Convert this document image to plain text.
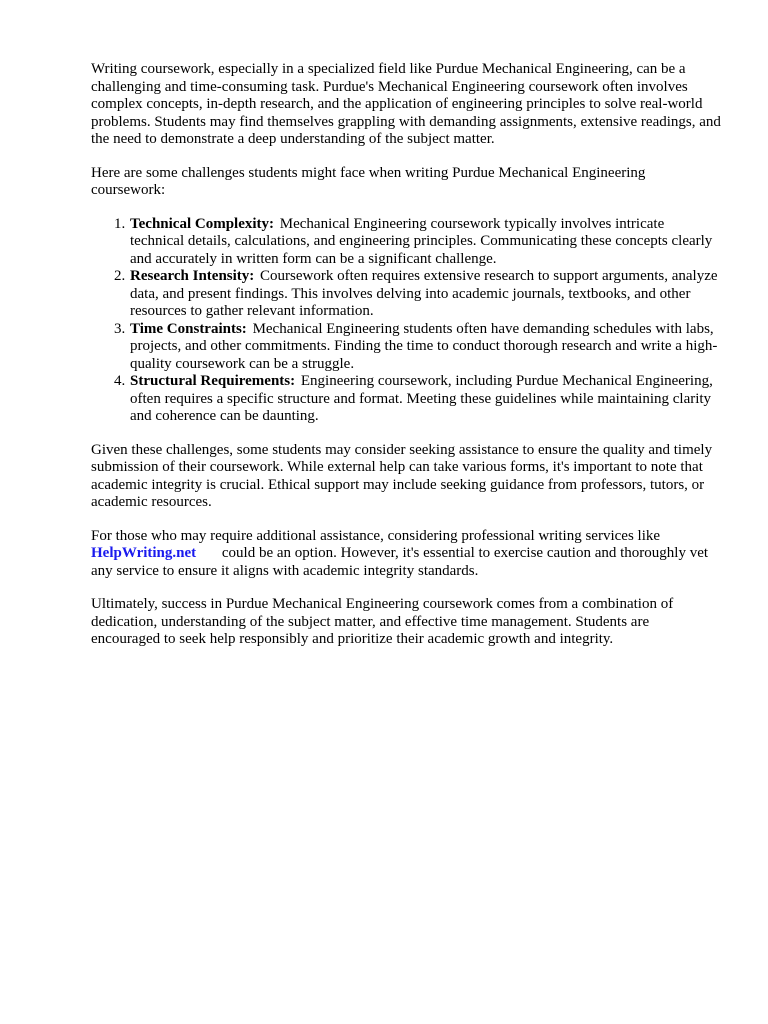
Writing coursework, especially in a specialized field like Purdue Mechanical Engineering, can be a challenging and time-consuming task. Purdue's Mechanical Engineering coursework often involves complex concepts, in-depth research, and the application of engineering principles to solve real-world problems. Students may find themselves grappling with demanding assignments, extensive readings, and the need to demonstrate a deep understanding of the subject matter.

Here are some challenges students might face when writing Purdue Mechanical Engineering coursework:

1. Technical Complexity: Mechanical Engineering coursework typically involves intricate technical details, calculations, and engineering principles. Communicating these concepts clearly and accurately in written form can be a significant challenge.
2. Research Intensity: Coursework often requires extensive research to support arguments, analyze data, and present findings. This involves delving into academic journals, textbooks, and other resources to gather relevant information.
3. Time Constraints: Mechanical Engineering students often have demanding schedules with labs, projects, and other commitments. Finding the time to conduct thorough research and write a high-quality coursework can be a struggle.
4. Structural Requirements: Engineering coursework, including Purdue Mechanical Engineering, often requires a specific structure and format. Meeting these guidelines while maintaining clarity and coherence can be daunting.

Given these challenges, some students may consider seeking assistance to ensure the quality and timely submission of their coursework. While external help can take various forms, it's important to note that academic integrity is crucial. Ethical support may include seeking guidance from professors, tutors, or academic resources.

For those who may require additional assistance, considering professional writing services like HelpWriting.net could be an option. However, it's essential to exercise caution and thoroughly vet any service to ensure it aligns with academic integrity standards.

Ultimately, success in Purdue Mechanical Engineering coursework comes from a combination of dedication, understanding of the subject matter, and effective time management. Students are encouraged to seek help responsibly and prioritize their academic growth and integrity.
